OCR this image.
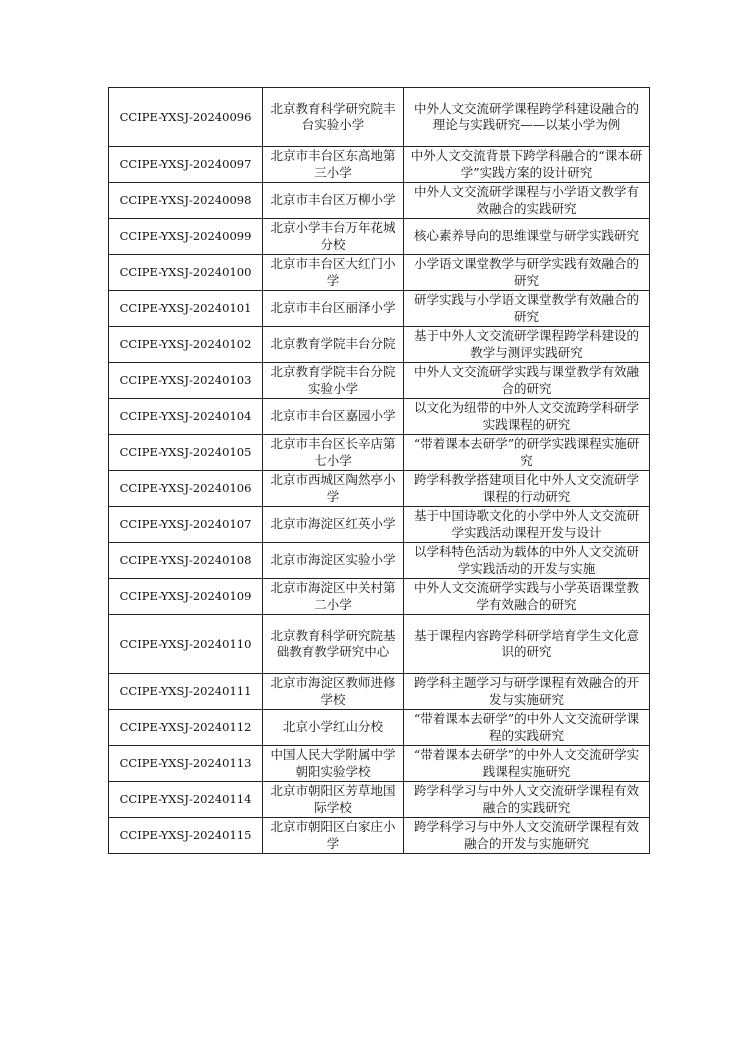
CCIPE-YXSJ-20240096	北京教育科学研究院丰台实验小学	中外人文交流研学课程跨学科建设融合的理论与实践研究——以某小学为例

CCIPE-YXSJ-20240097	北京市丰台区东高地第三小学	中外人文交流背景下跨学科融合的“课本研学”实践方案的设计研究

CCIPE-YXSJ-20240098	北京市丰台区万柳小学	中外人文交流研学课程与小学语文教学有效融合的实践研究

CCIPE-YXSJ-20240099	北京小学丰台万年花城分校	核心素养导向的思维课堂与研学实践研究

CCIPE-YXSJ-20240100	北京市丰台区大红门小学	小学语文课堂教学与研学实践有效融合的研究

CCIPE-YXSJ-20240101	北京市丰台区丽泽小学	研学实践与小学语文课堂教学有效融合的研究

CCIPE-YXSJ-20240102	北京教育学院丰台分院	基于中外人文交流研学课程跨学科建设的教学与测评实践研究

CCIPE-YXSJ-20240103	北京教育学院丰台分院实验小学	中外人文交流研学实践与课堂教学有效融合的研究

CCIPE-YXSJ-20240104	北京市丰台区嘉园小学	以文化为纽带的中外人文交流跨学科研学实践课程的研究

CCIPE-YXSJ-20240105	北京市丰台区长辛店第七小学	“带着课本去研学”的研学实践课程实施研究

CCIPE-YXSJ-20240106	北京市西城区陶然亭小学	跨学科教学搭建项目化中外人文交流研学课程的行动研究

CCIPE-YXSJ-20240107	北京市海淀区红英小学	基于中国诗歌文化的小学中外人文交流研学实践活动课程开发与设计

CCIPE-YXSJ-20240108	北京市海淀区实验小学	以学科特色活动为载体的中外人文交流研学实践活动的开发与实施

CCIPE-YXSJ-20240109	北京市海淀区中关村第二小学	中外人文交流研学实践与小学英语课堂教学有效融合的研究

CCIPE-YXSJ-20240110	北京教育科学研究院基础教育教学研究中心	基于课程内容跨学科研学培育学生文化意识的研究

CCIPE-YXSJ-20240111	北京市海淀区教师进修学校	跨学科主题学习与研学课程有效融合的开发与实施研究

CCIPE-YXSJ-20240112	北京小学红山分校	“带着课本去研学”的中外人文交流研学课程的实践研究

CCIPE-YXSJ-20240113	中国人民大学附属中学朝阳实验学校	“带着课本去研学”的中外人文交流研学实践课程实施研究

CCIPE-YXSJ-20240114	北京市朝阳区芳草地国际学校	跨学科学习与中外人文交流研学课程有效融合的实践研究

CCIPE-YXSJ-20240115	北京市朝阳区白家庄小学	跨学科学习与中外人文交流研学课程有效融合的开发与实施研究
